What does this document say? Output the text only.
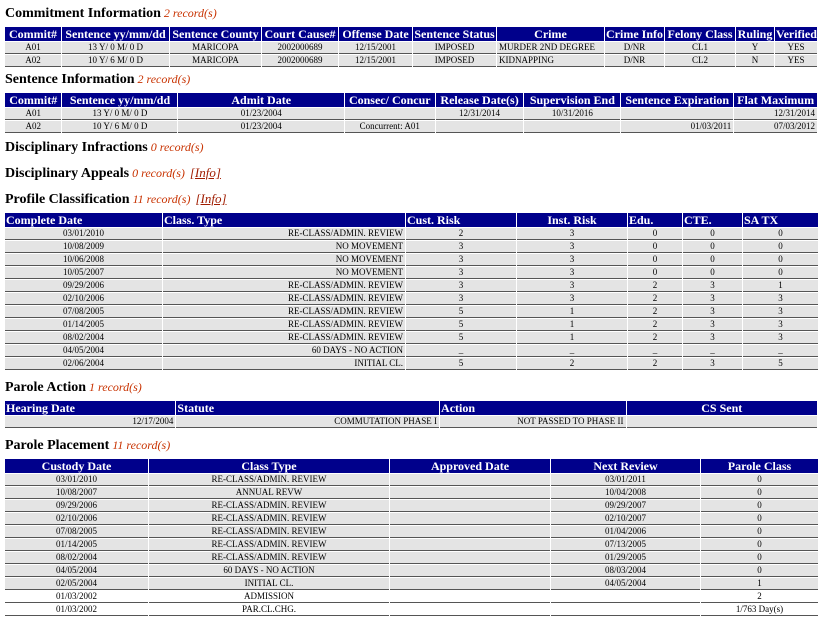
Commitment Information 2 record(s)
Commit#	Sentence yy/mm/dd	Sentence County	Court Cause#	Offense Date	Sentence Status	Crime	Crime Info	Felony Class	Ruling	Verified
A01	13 Y/ 0 M/ 0 D	MARICOPA	2002000689	12/15/2001	IMPOSED	MURDER 2ND DEGREE	D/NR	CL1	Y	YES
A02	10 Y/ 6 M/ 0 D	MARICOPA	2002000689	12/15/2001	IMPOSED	KIDNAPPING	D/NR	CL2	N	YES
Sentence Information 2 record(s)
Commit#	Sentence yy/mm/dd	Admit Date	Consec/ Concur	Release Date(s)	Supervision End	Sentence Expiration	Flat Maximum
A01	13 Y/ 0 M/ 0 D	01/23/2004		12/31/2014	10/31/2016		12/31/2014
A02	10 Y/ 6 M/ 0 D	01/23/2004	Concurrent: A01			01/03/2011	07/03/2012
Disciplinary Infractions 0 record(s)
Disciplinary Appeals 0 record(s) [Info]
Profile Classification 11 record(s) [Info]
Complete Date	Class. Type	Cust. Risk	Inst. Risk	Edu.	CTE.	SA TX
03/01/2010	RE-CLASS/ADMIN. REVIEW	2	3	0	0	0
10/08/2009	NO MOVEMENT	3	3	0	0	0
10/06/2008	NO MOVEMENT	3	3	0	0	0
10/05/2007	NO MOVEMENT	3	3	0	0	0
09/29/2006	RE-CLASS/ADMIN. REVIEW	3	3	2	3	1
02/10/2006	RE-CLASS/ADMIN. REVIEW	3	3	2	3	3
07/08/2005	RE-CLASS/ADMIN. REVIEW	5	1	2	3	3
01/14/2005	RE-CLASS/ADMIN. REVIEW	5	1	2	3	3
08/02/2004	RE-CLASS/ADMIN. REVIEW	5	1	2	3	3
04/05/2004	60 DAYS - NO ACTION	_	_	_	_	_
02/06/2004	INITIAL CL.	5	2	2	3	5
Parole Action 1 record(s)
Hearing Date	Statute	Action	CS Sent
12/17/2004	COMMUTATION PHASE I	NOT PASSED TO PHASE II	
Parole Placement 11 record(s)
Custody Date	Class Type	Approved Date	Next Review	Parole Class
03/01/2010	RE-CLASS/ADMIN. REVIEW		03/01/2011	0
10/08/2007	ANNUAL REVW		10/04/2008	0
09/29/2006	RE-CLASS/ADMIN. REVIEW		09/29/2007	0
02/10/2006	RE-CLASS/ADMIN. REVIEW		02/10/2007	0
07/08/2005	RE-CLASS/ADMIN. REVIEW		01/04/2006	0
01/14/2005	RE-CLASS/ADMIN. REVIEW		07/13/2005	0
08/02/2004	RE-CLASS/ADMIN. REVIEW		01/29/2005	0
04/05/2004	60 DAYS - NO ACTION		08/03/2004	0
02/05/2004	INITIAL CL.		04/05/2004	1
01/03/2002	ADMISSION			2
01/03/2002	PAR.CL.CHG.			1/763 Day(s)
